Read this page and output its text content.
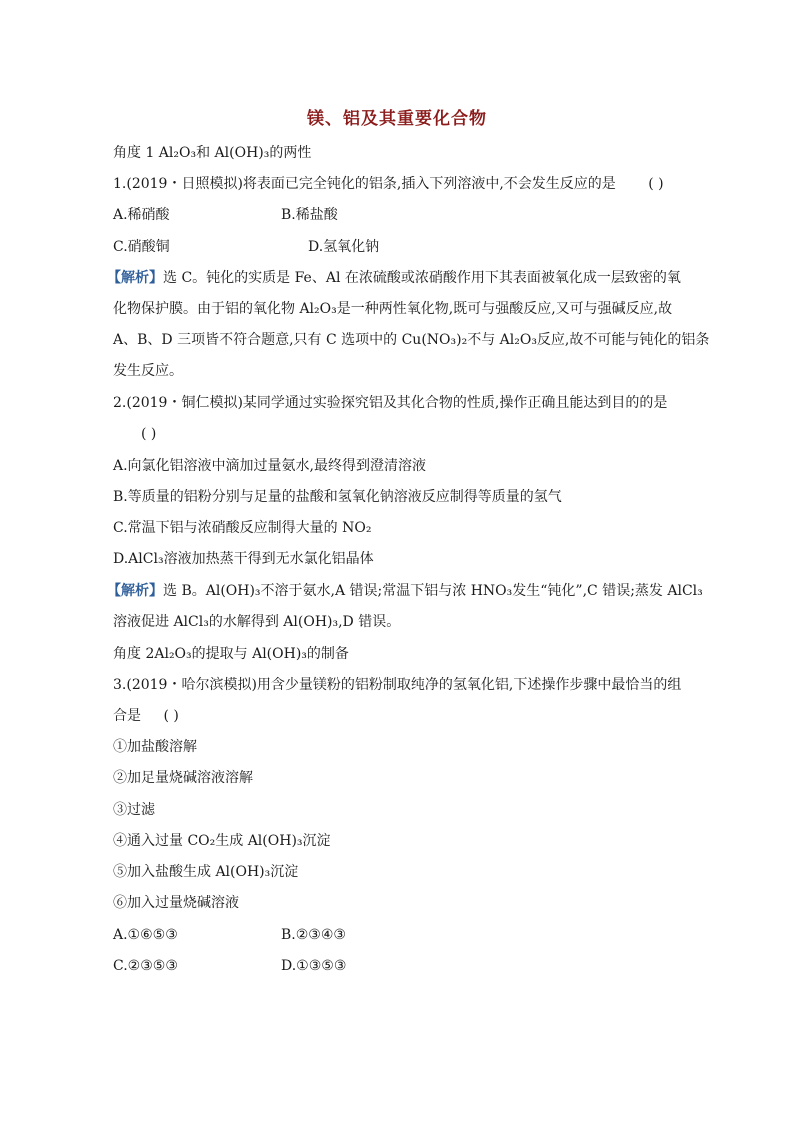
镁、铝及其重要化合物
角度 1 Al₂O₃和 Al(OH)₃的两性
1.(2019・日照模拟)将表面已完全钝化的铝条,插入下列溶液中,不会发生反应的是 ( )
A.稀硝酸	B.稀盐酸
C.硝酸铜	D.氢氧化钠
【解析】选 C。钝化的实质是 Fe、Al 在浓硫酸或浓硝酸作用下其表面被氧化成一层致密的氧
化物保护膜。由于铝的氧化物 Al₂O₃是一种两性氧化物,既可与强酸反应,又可与强碱反应,故
A、B、D 三项皆不符合题意,只有 C 选项中的 Cu(NO₃)₂不与 Al₂O₃反应,故不可能与钝化的铝条
发生反应。
2.(2019・铜仁模拟)某同学通过实验探究铝及其化合物的性质,操作正确且能达到目的的是
( )
A.向氯化铝溶液中滴加过量氨水,最终得到澄清溶液
B.等质量的铝粉分别与足量的盐酸和氢氧化钠溶液反应制得等质量的氢气
C.常温下铝与浓硝酸反应制得大量的 NO₂
D.AlCl₃溶液加热蒸干得到无水氯化铝晶体
【解析】选 B。Al(OH)₃不溶于氨水,A 错误;常温下铝与浓 HNO₃发生“钝化”,C 错误;蒸发 AlCl₃
溶液促进 AlCl₃的水解得到 Al(OH)₃,D 错误。
角度 2Al₂O₃的提取与 Al(OH)₃的制备
3.(2019・哈尔滨模拟)用含少量镁粉的铝粉制取纯净的氢氧化铝,下述操作步骤中最恰当的组
合是 ( )
①加盐酸溶解
②加足量烧碱溶液溶解
③过滤
④通入过量 CO₂生成 Al(OH)₃沉淀
⑤加入盐酸生成 Al(OH)₃沉淀
⑥加入过量烧碱溶液
A.①⑥⑤③	B.②③④③
C.②③⑤③	D.①③⑤③
